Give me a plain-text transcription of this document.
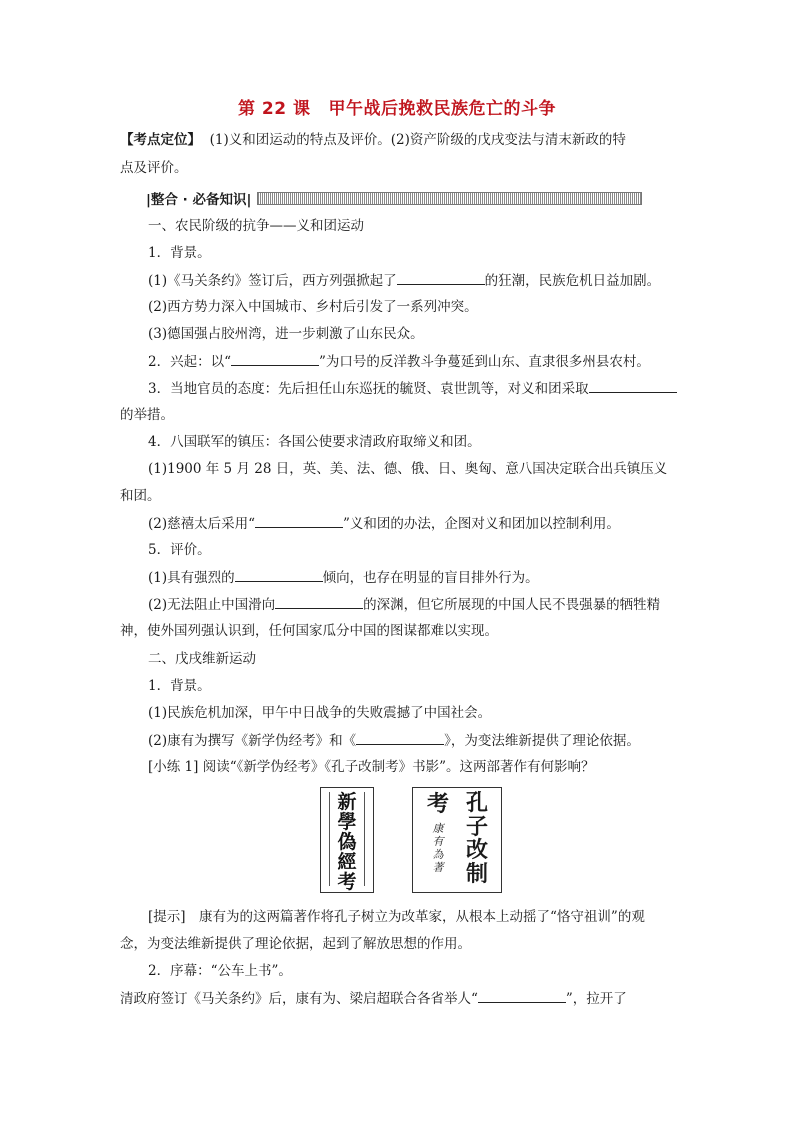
第 22 课 甲午战后挽救民族危亡的斗争
【考点定位】 (1)义和团运动的特点及评价。(2)资产阶级的戊戌变法与清末新政的特
点及评价。
|整合 · 必备知识|
一、农民阶级的抗争——义和团运动
1．背景。
(1)《马关条约》签订后，西方列强掀起了	的狂潮，民族危机日益加剧。
(2)西方势力深入中国城市、乡村后引发了一系列冲突。
(3)德国强占胶州湾，进一步刺激了山东民众。
2．兴起：以“	”为口号的反洋教斗争蔓延到山东、直隶很多州县农村。
3．当地官员的态度：先后担任山东巡抚的毓贤、袁世凯等，对义和团采取
的举措。
4．八国联军的镇压：各国公使要求清政府取缔义和团。
(1)1900 年 5 月 28 日，英、美、法、德、俄、日、奥匈、意八国决定联合出兵镇压义
和团。
(2)慈禧太后采用“	”义和团的办法，企图对义和团加以控制利用。
5．评价。
(1)具有强烈的	倾向，也存在明显的盲目排外行为。
(2)无法阻止中国滑向	的深渊，但它所展现的中国人民不畏强暴的牺牲精
神，使外国列强认识到，任何国家瓜分中国的图谋都难以实现。
二、戊戌维新运动
1．背景。
(1)民族危机加深，甲午中日战争的失败震撼了中国社会。
(2)康有为撰写《新学伪经考》和《	》，为变法维新提供了理论依据。
[小练 1] 阅读“《新学伪经考》《孔子改制考》书影”。这两部著作有何影响？
新
學
偽
經
考
考
康
有
為
著
孔
子
改
制
[提示]　康有为的这两篇著作将孔子树立为改革家，从根本上动摇了“恪守祖训”的观
念，为变法维新提供了理论依据，起到了解放思想的作用。
2．序幕：“公车上书”。
清政府签订《马关条约》后，康有为、梁启超联合各省举人“	”，拉开了
